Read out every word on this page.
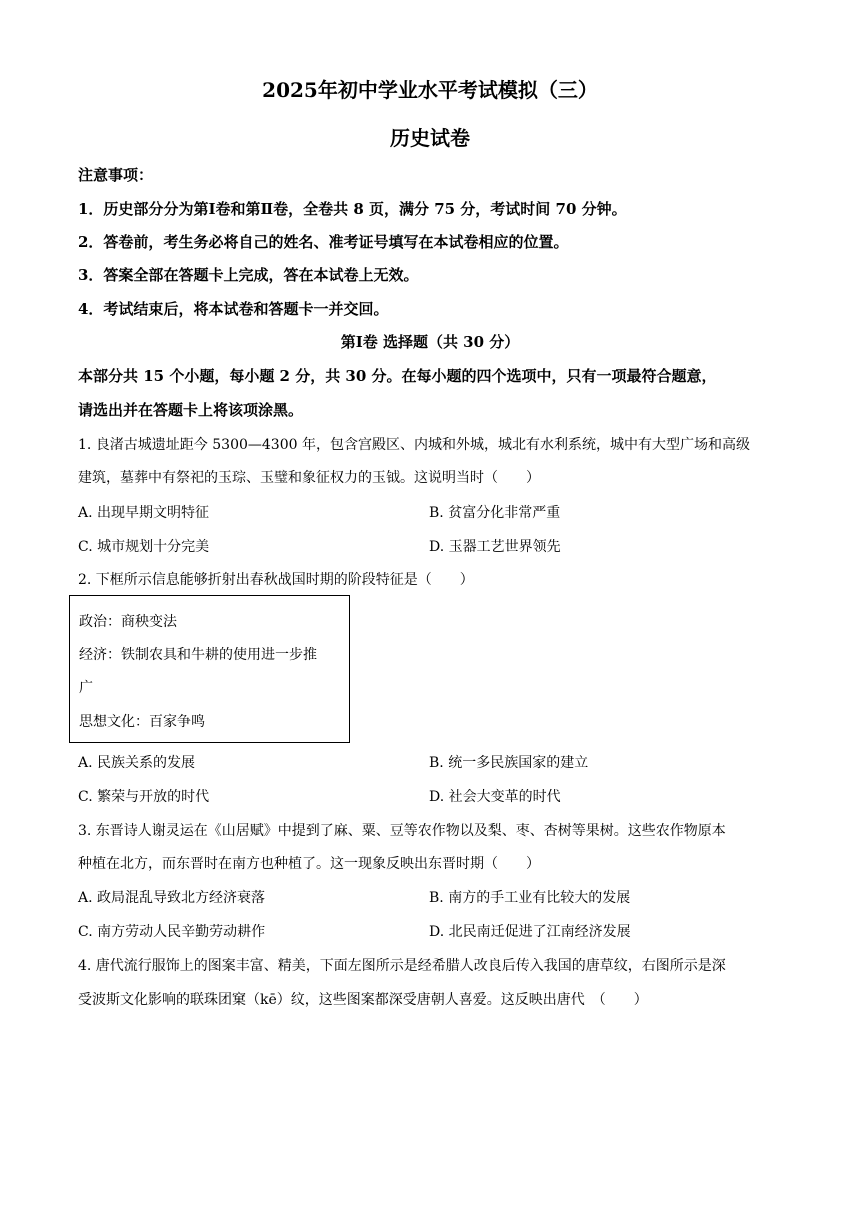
2025年初中学业水平考试模拟（三）
历史试卷
注意事项：
1．历史部分分为第Ⅰ卷和第Ⅱ卷，全卷共 8 页，满分 75 分，考试时间 70 分钟。
2．答卷前，考生务必将自己的姓名、准考证号填写在本试卷相应的位置。
3．答案全部在答题卡上完成，答在本试卷上无效。
4．考试结束后，将本试卷和答题卡一并交回。
第Ⅰ卷 选择题（共 30 分）
本部分共 15 个小题，每小题 2 分，共 30 分。在每小题的四个选项中，只有一项最符合题意，
请选出并在答题卡上将该项涂黑。
1. 良渚古城遗址距今 5300—4300 年，包含宫殿区、内城和外城，城北有水利系统，城中有大型广场和高级
建筑，墓葬中有祭祀的玉琮、玉璧和象征权力的玉钺。这说明当时（　　）
A. 出现早期文明特征	B. 贫富分化非常严重
C. 城市规划十分完美	D. 玉器工艺世界领先
2. 下框所示信息能够折射出春秋战国时期的阶段特征是（　　）
政治：商秧变法
经济：铁制农具和牛耕的使用进一步推
广
思想文化：百家争鸣
A. 民族关系的发展	B. 统一多民族国家的建立
C. 繁荣与开放的时代	D. 社会大变革的时代
3. 东晋诗人谢灵运在《山居赋》中提到了麻、粟、豆等农作物以及梨、枣、杏树等果树。这些农作物原本
种植在北方，而东晋时在南方也种植了。这一现象反映出东晋时期（　　）
A. 政局混乱导致北方经济衰落	B. 南方的手工业有比较大的发展
C. 南方劳动人民辛勤劳动耕作	D. 北民南迁促进了江南经济发展
4. 唐代流行服饰上的图案丰富、精美，下面左图所示是经希腊人改良后传入我国的唐草纹，右图所示是深
受波斯文化影响的联珠团窠（kē）纹，这些图案都深受唐朝人喜爱。这反映出唐代　（　　）
